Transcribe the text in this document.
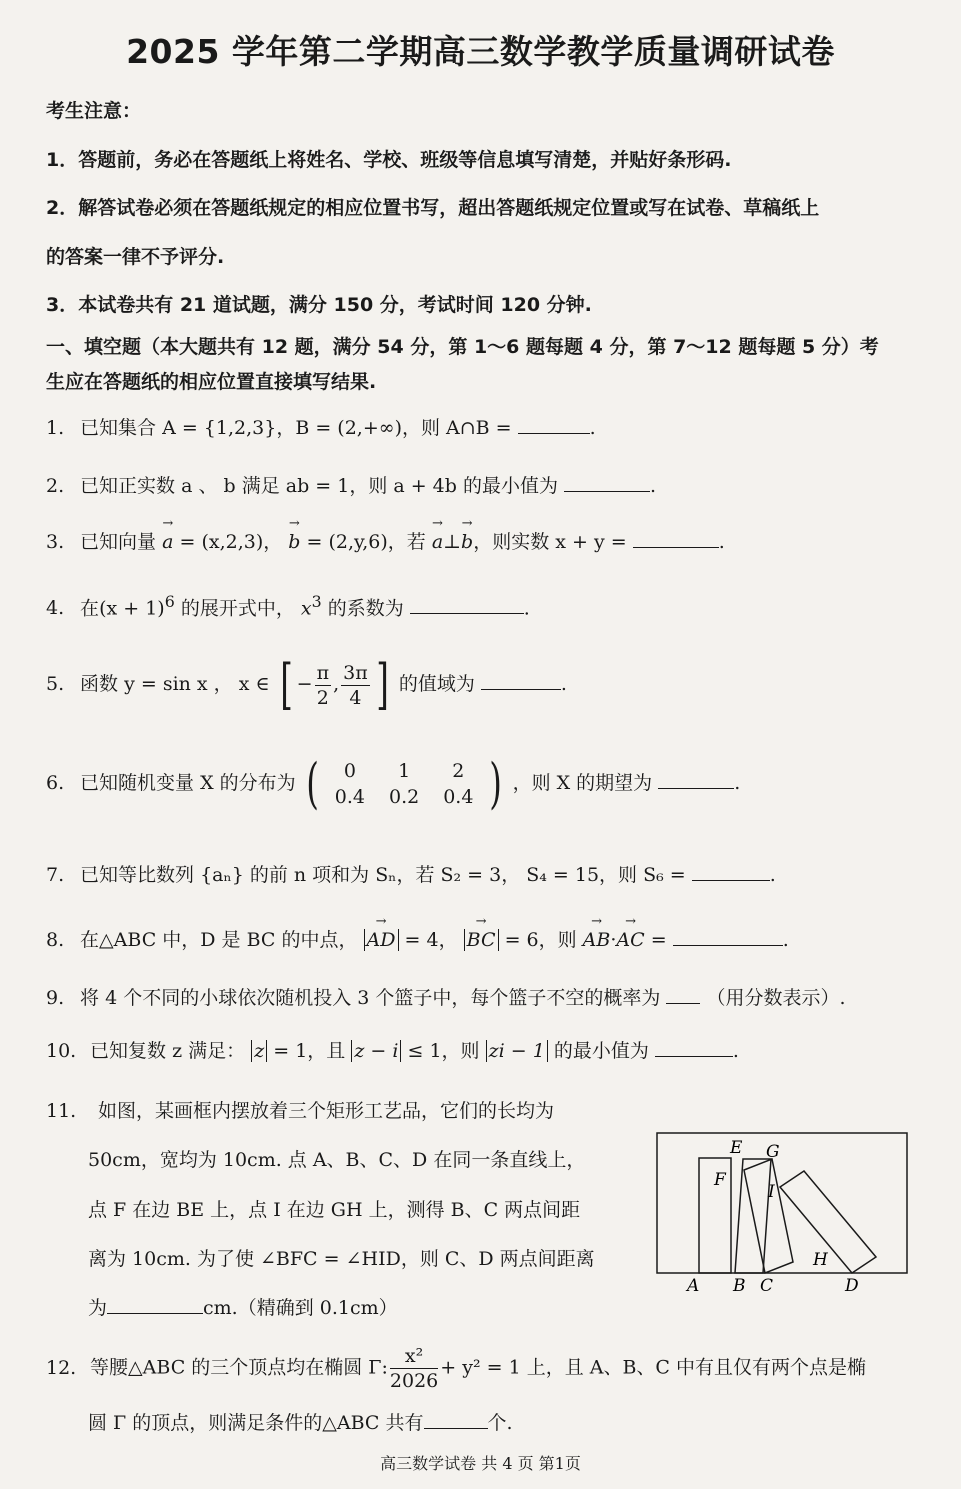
2025 学年第二学期高三数学教学质量调研试卷
考生注意：
1．答题前，务必在答题纸上将姓名、学校、班级等信息填写清楚，并贴好条形码.
2．解答试卷必须在答题纸规定的相应位置书写，超出答题纸规定位置或写在试卷、草稿纸上
的答案一律不予评分.
3．本试卷共有 21 道试题，满分 150 分，考试时间 120 分钟.
一、填空题（本大题共有 12 题，满分 54 分，第 1～6 题每题 4 分，第 7～12 题每题 5 分）考
生应在答题纸的相应位置直接填写结果.
1. 已知集合 A = {1,2,3}，B = (2,+∞)，则 A∩B =	.
2. 已知正实数 a 、 b 满足 ab = 1，则 a + 4b 的最小值为	.
3. 已知向量 → a = (x,2,3)， → b = (2,y,6)，若 → a⊥→ b，则实数 x + y =	.
4. 在$(x + 1)^6$ 的展开式中， $x^3$ 的系数为	.
5. 函数 y = sin x ， x ∈ [ − $\frac{\pi}{2}$ , $\frac{3\pi}{4}$ ] 的值域为	.
6. 已知随机变量 X 的分布为 ( 0	1	2
0.4	0.2	0.4 ) ，则 X 的期望为	.
7. 已知等比数列 {aₙ} 的前 n 项和为 Sₙ，若 S₂ = 3， S₄ = 15，则 S₆ =	.
8. 在△ABC 中，D 是 BC 的中点， → AD = 4， → BC = 6，则 → AB·→ AC =	.
9. 将 4 个不同的小球依次随机投入 3 个篮子中，每个篮子不空的概率为 （用分数表示）.
10. 已知复数 z 满足： z = 1，且 z − i ≤ 1，则 zi − 1 的最小值为	.
11. 如图，某画框内摆放着三个矩形工艺品，它们的长均为
50cm，宽均为 10cm. 点 A、B、C、D 在同一条直线上，
点 F 在边 BE 上，点 I 在边 GH 上，测得 B、C 两点间距
离为 10cm. 为了使 ∠BFC = ∠HID，则 C、D 两点间距离
为	cm.（精确到 0.1cm）
A B C	D
E
F
G
H
I
12. 等腰△ABC 的三个顶点均在椭圆 Γ: $\frac{\text{x²}}{2026} + y^2 = 1$ 上，且 A、B、C 中有且仅有两个点是椭
圆 Γ 的顶点，则满足条件的△ABC 共有	个.
高三数学试卷 共 4 页 第1页
